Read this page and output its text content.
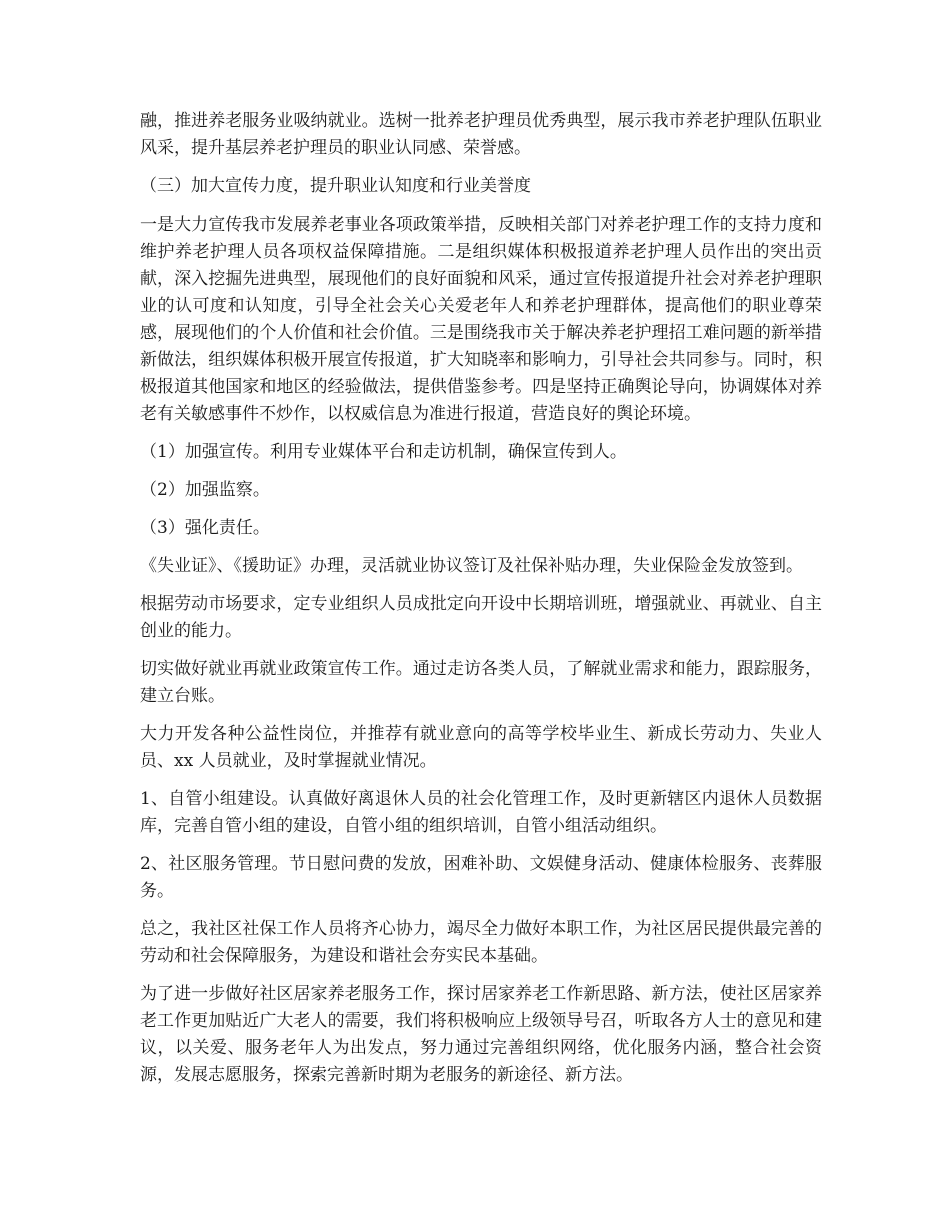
融，推进养老服务业吸纳就业。选树一批养老护理员优秀典型，展示我市养老护理队伍职业风采，提升基层养老护理员的职业认同感、荣誉感。

（三）加大宣传力度，提升职业认知度和行业美誉度

一是大力宣传我市发展养老事业各项政策举措，反映相关部门对养老护理工作的支持力度和维护养老护理人员各项权益保障措施。二是组织媒体积极报道养老护理人员作出的突出贡献，深入挖掘先进典型，展现他们的良好面貌和风采，通过宣传报道提升社会对养老护理职业的认可度和认知度，引导全社会关心关爱老年人和养老护理群体，提高他们的职业尊荣感，展现他们的个人价值和社会价值。三是围绕我市关于解决养老护理招工难问题的新举措新做法，组织媒体积极开展宣传报道，扩大知晓率和影响力，引导社会共同参与。同时，积极报道其他国家和地区的经验做法，提供借鉴参考。四是坚持正确舆论导向，协调媒体对养老有关敏感事件不炒作，以权威信息为准进行报道，营造良好的舆论环境。

（1）加强宣传。利用专业媒体平台和走访机制，确保宣传到人。

（2）加强监察。

（3）强化责任。

《失业证》、《援助证》办理，灵活就业协议签订及社保补贴办理，失业保险金发放签到。

根据劳动市场要求，定专业组织人员成批定向开设中长期培训班，增强就业、再就业、自主创业的能力。

切实做好就业再就业政策宣传工作。通过走访各类人员，了解就业需求和能力，跟踪服务，建立台账。

大力开发各种公益性岗位，并推荐有就业意向的高等学校毕业生、新成长劳动力、失业人员、xx 人员就业，及时掌握就业情况。

1、自管小组建设。认真做好离退休人员的社会化管理工作，及时更新辖区内退休人员数据库，完善自管小组的建设，自管小组的组织培训，自管小组活动组织。

2、社区服务管理。节日慰问费的发放，困难补助、文娱健身活动、健康体检服务、丧葬服务。

总之，我社区社保工作人员将齐心协力，竭尽全力做好本职工作，为社区居民提供最完善的劳动和社会保障服务，为建设和谐社会夯实民本基础。

为了进一步做好社区居家养老服务工作，探讨居家养老工作新思路、新方法，使社区居家养老工作更加贴近广大老人的需要，我们将积极响应上级领导号召，听取各方人士的意见和建议，以关爱、服务老年人为出发点，努力通过完善组织网络，优化服务内涵，整合社会资源，发展志愿服务，探索完善新时期为老服务的新途径、新方法。
